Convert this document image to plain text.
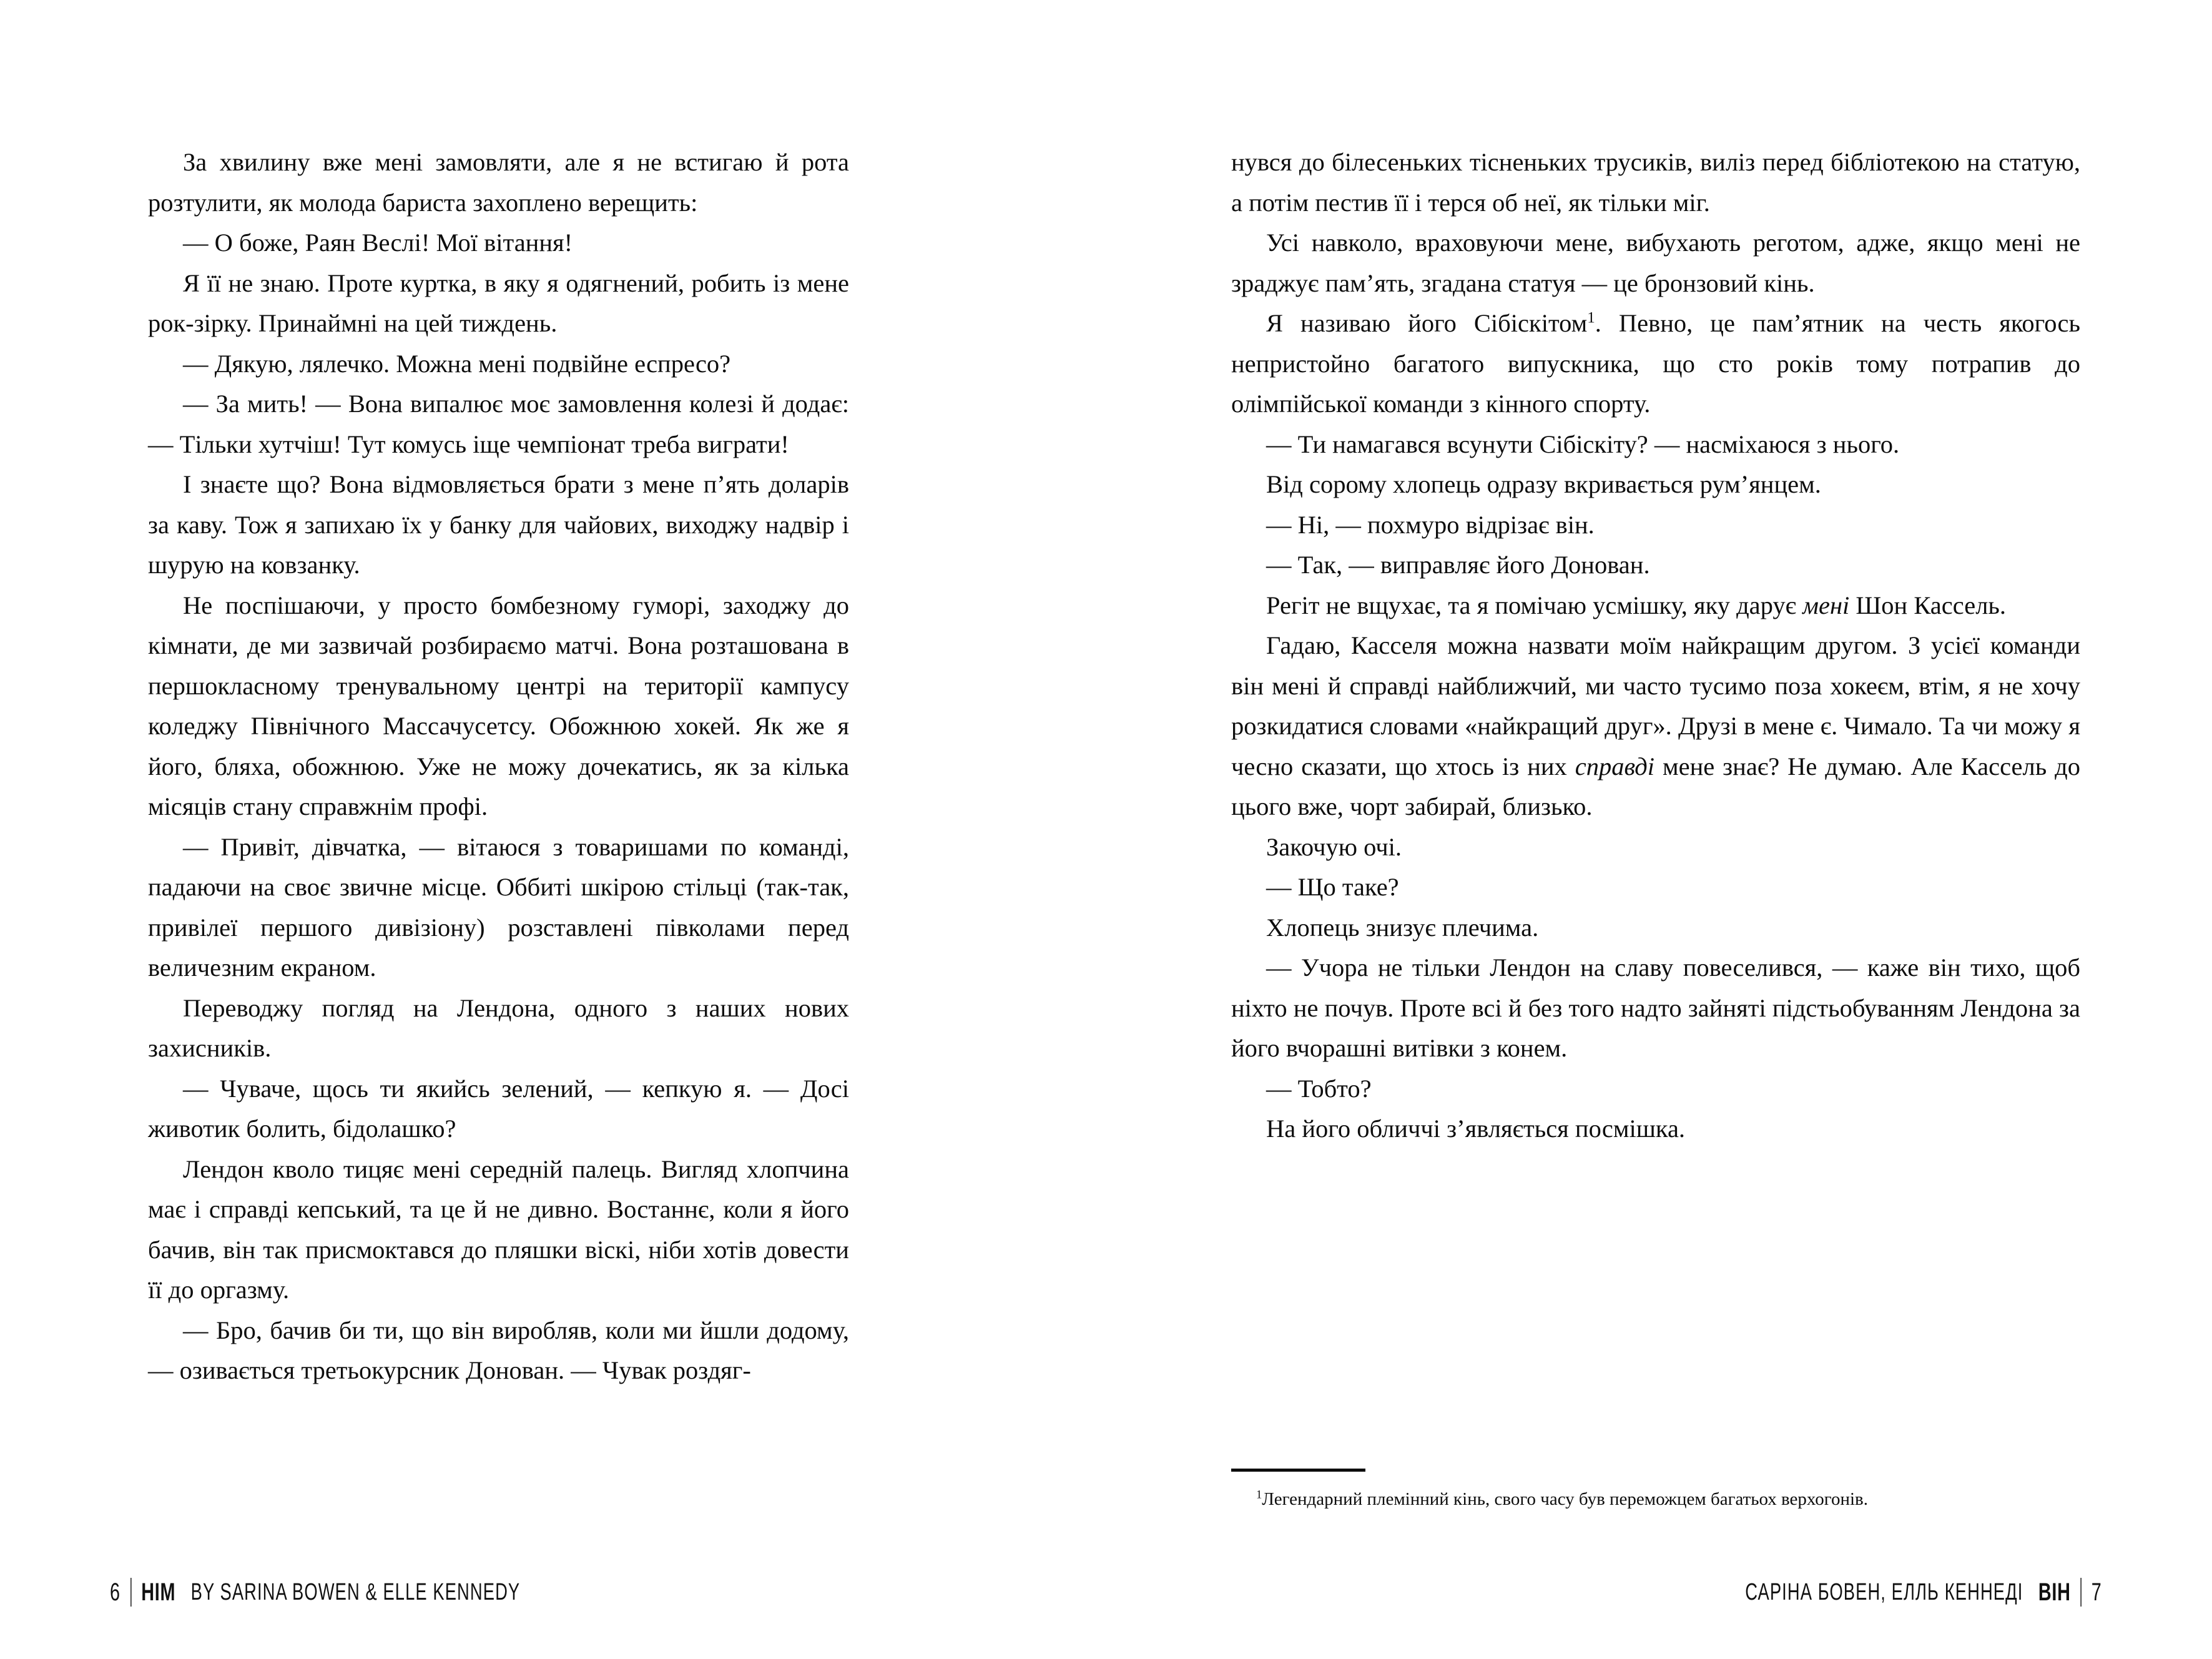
За хвилину вже мені замовляти, але я не встигаю й рота розтулити, як молода бариста захоплено верещить:

— О боже, Раян Веслі! Мої вітання!

Я її не знаю. Проте куртка, в яку я одягнений, робить із мене рок-зірку. Принаймні на цей тиждень.

— Дякую, лялечко. Можна мені подвійне еспресо?

— За мить! — Вона випалює моє замовлення колезі й додає: — Тільки хутчіш! Тут комусь іще чемпіонат треба виграти!

І знаєте що? Вона відмовляється брати з мене п’ять доларів за каву. Тож я запихаю їх у банку для чайових, виходжу надвір і шурую на ковзанку.

Не поспішаючи, у просто бомбезному гуморі, заходжу до кімнати, де ми зазвичай розбираємо матчі. Вона розташована в першокласному тренувальному центрі на території кампусу коледжу Північного Массачусетсу. Обожнюю хокей. Як же я його, бляха, обожнюю. Уже не можу дочекатись, як за кілька місяців стану справжнім профі.

— Привіт, дівчатка, — вітаюся з товаришами по команді, падаючи на своє звичне місце. Оббиті шкірою стільці (так-так, привілеї першого дивізіону) розставлені півколами перед величезним екраном.

Переводжу погляд на Лендона, одного з наших нових захисників.

— Чуваче, щось ти якийсь зелений, — кепкую я. — Досі животик болить, бідолашко?

Лендон кволо тицяє мені середній палець. Вигляд хлопчина має і справді кепський, та це й не дивно. Востаннє, коли я його бачив, він так присмоктався до пляшки віскі, ніби хотів довести її до оргазму.

— Бро, бачив би ти, що він виробляв, коли ми йшли додому, — озивається третьокурсник Донован. — Чувак роздяг-

6 HIM BY SARINA BOWEN & ELLE KENNEDY

нувся до білесеньких тісненьких трусиків, виліз перед бібліотекою на статую, а потім пестив її і терся об неї, як тільки міг.

Усі навколо, враховуючи мене, вибухають реготом, адже, якщо мені не зраджує пам’ять, згадана статуя — це бронзовий кінь.

Я називаю його Сібіскітом$^1$. Певно, це пам’ятник на честь якогось непристойно багатого випускника, що сто років тому потрапив до олімпійської команди з кінного спорту.

— Ти намагався всунути Сібіскіту? — насміхаюся з нього.

Від сорому хлопець одразу вкривається рум’янцем.

— Ні, — похмуро відрізає він.

— Так, — виправляє його Донован.

Регіт не вщухає, та я помічаю усмішку, яку дарує мені Шон Кассель.

Гадаю, Касселя можна назвати моїм найкращим другом. З усієї команди він мені й справді найближчий, ми часто тусимо поза хокеєм, втім, я не хочу розкидатися словами «найкращий друг». Друзі в мене є. Чимало. Та чи можу я чесно сказати, що хтось із них справді мене знає? Не думаю. Але Кассель до цього вже, чорт забирай, близько.

Закочую очі.

— Що таке?

Хлопець знизує плечима.

— Учора не тільки Лендон на славу повеселився, — каже він тихо, щоб ніхто не почув. Проте всі й без того надто зайняті підстьобуванням Лендона за його вчорашні витівки з конем.

— Тобто?

На його обличчі з’являється посмішка.

$^1$Легендарний племінний кінь, свого часу був переможцем багатьох верхогонів.

САРІНА БОВЕН, ЕЛЛЬ КЕННЕДІ ВІН 7
